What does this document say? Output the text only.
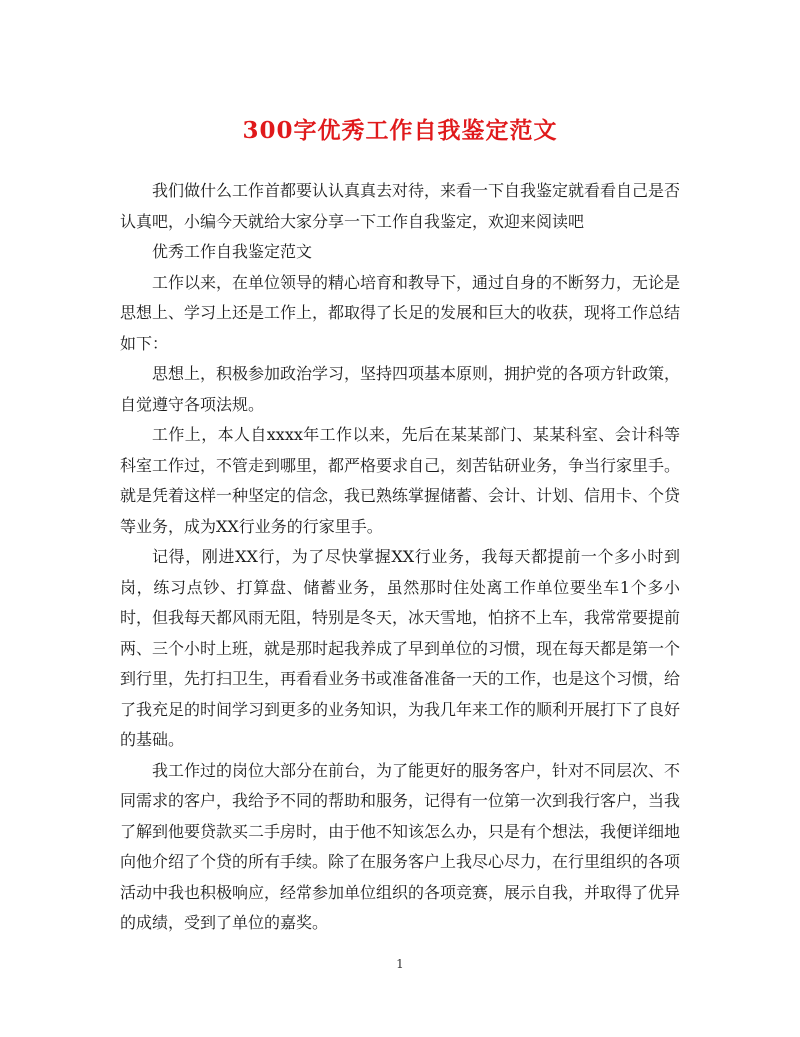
300字优秀工作自我鉴定范文

我们做什么工作首都要认认真真去对待，来看一下自我鉴定就看看自己是否认真吧，小编今天就给大家分享一下工作自我鉴定，欢迎来阅读吧

优秀工作自我鉴定范文

工作以来，在单位领导的精心培育和教导下，通过自身的不断努力，无论是思想上、学习上还是工作上，都取得了长足的发展和巨大的收获，现将工作总结如下：

思想上，积极参加政治学习，坚持四项基本原则，拥护党的各项方针政策，自觉遵守各项法规。

工作上，本人自xxxx年工作以来，先后在某某部门、某某科室、会计科等科室工作过，不管走到哪里，都严格要求自己，刻苦钻研业务，争当行家里手。就是凭着这样一种坚定的信念，我已熟练掌握储蓄、会计、计划、信用卡、个贷等业务，成为XX行业务的行家里手。

记得，刚进XX行，为了尽快掌握XX行业务，我每天都提前一个多小时到岗，练习点钞、打算盘、储蓄业务，虽然那时住处离工作单位要坐车1个多小时，但我每天都风雨无阻，特别是冬天，冰天雪地，怕挤不上车，我常常要提前两、三个小时上班，就是那时起我养成了早到单位的习惯，现在每天都是第一个到行里，先打扫卫生，再看看业务书或准备准备一天的工作，也是这个习惯，给了我充足的时间学习到更多的业务知识，为我几年来工作的顺利开展打下了良好的基础。

我工作过的岗位大部分在前台，为了能更好的服务客户，针对不同层次、不同需求的客户，我给予不同的帮助和服务，记得有一位第一次到我行客户，当我了解到他要贷款买二手房时，由于他不知该怎么办，只是有个想法，我便详细地向他介绍了个贷的所有手续。除了在服务客户上我尽心尽力，在行里组织的各项活动中我也积极响应，经常参加单位组织的各项竞赛，展示自我，并取得了优异的成绩，受到了单位的嘉奖。

1
